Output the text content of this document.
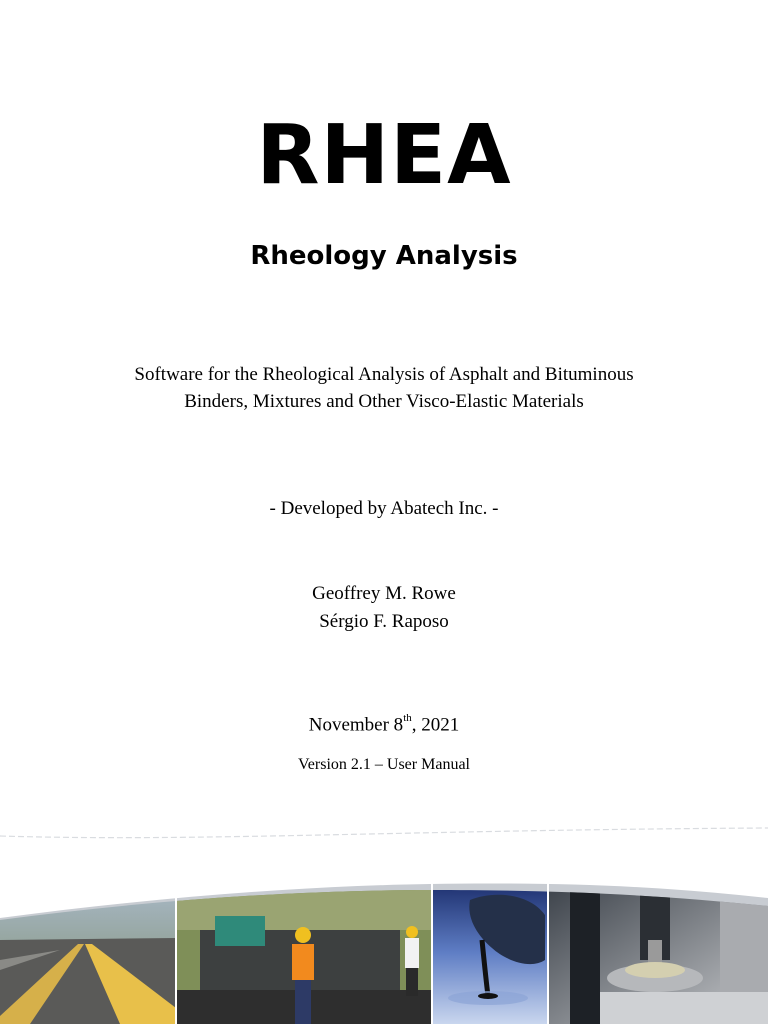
RHEA
Rheology Analysis
Software for the Rheological Analysis of Asphalt and Bituminous
Binders, Mixtures and Other Visco-Elastic Materials
- Developed by Abatech Inc. -
Geoffrey M. Rowe
Sérgio F. Raposo
November 8th, 2021
Version 2.1 – User Manual
